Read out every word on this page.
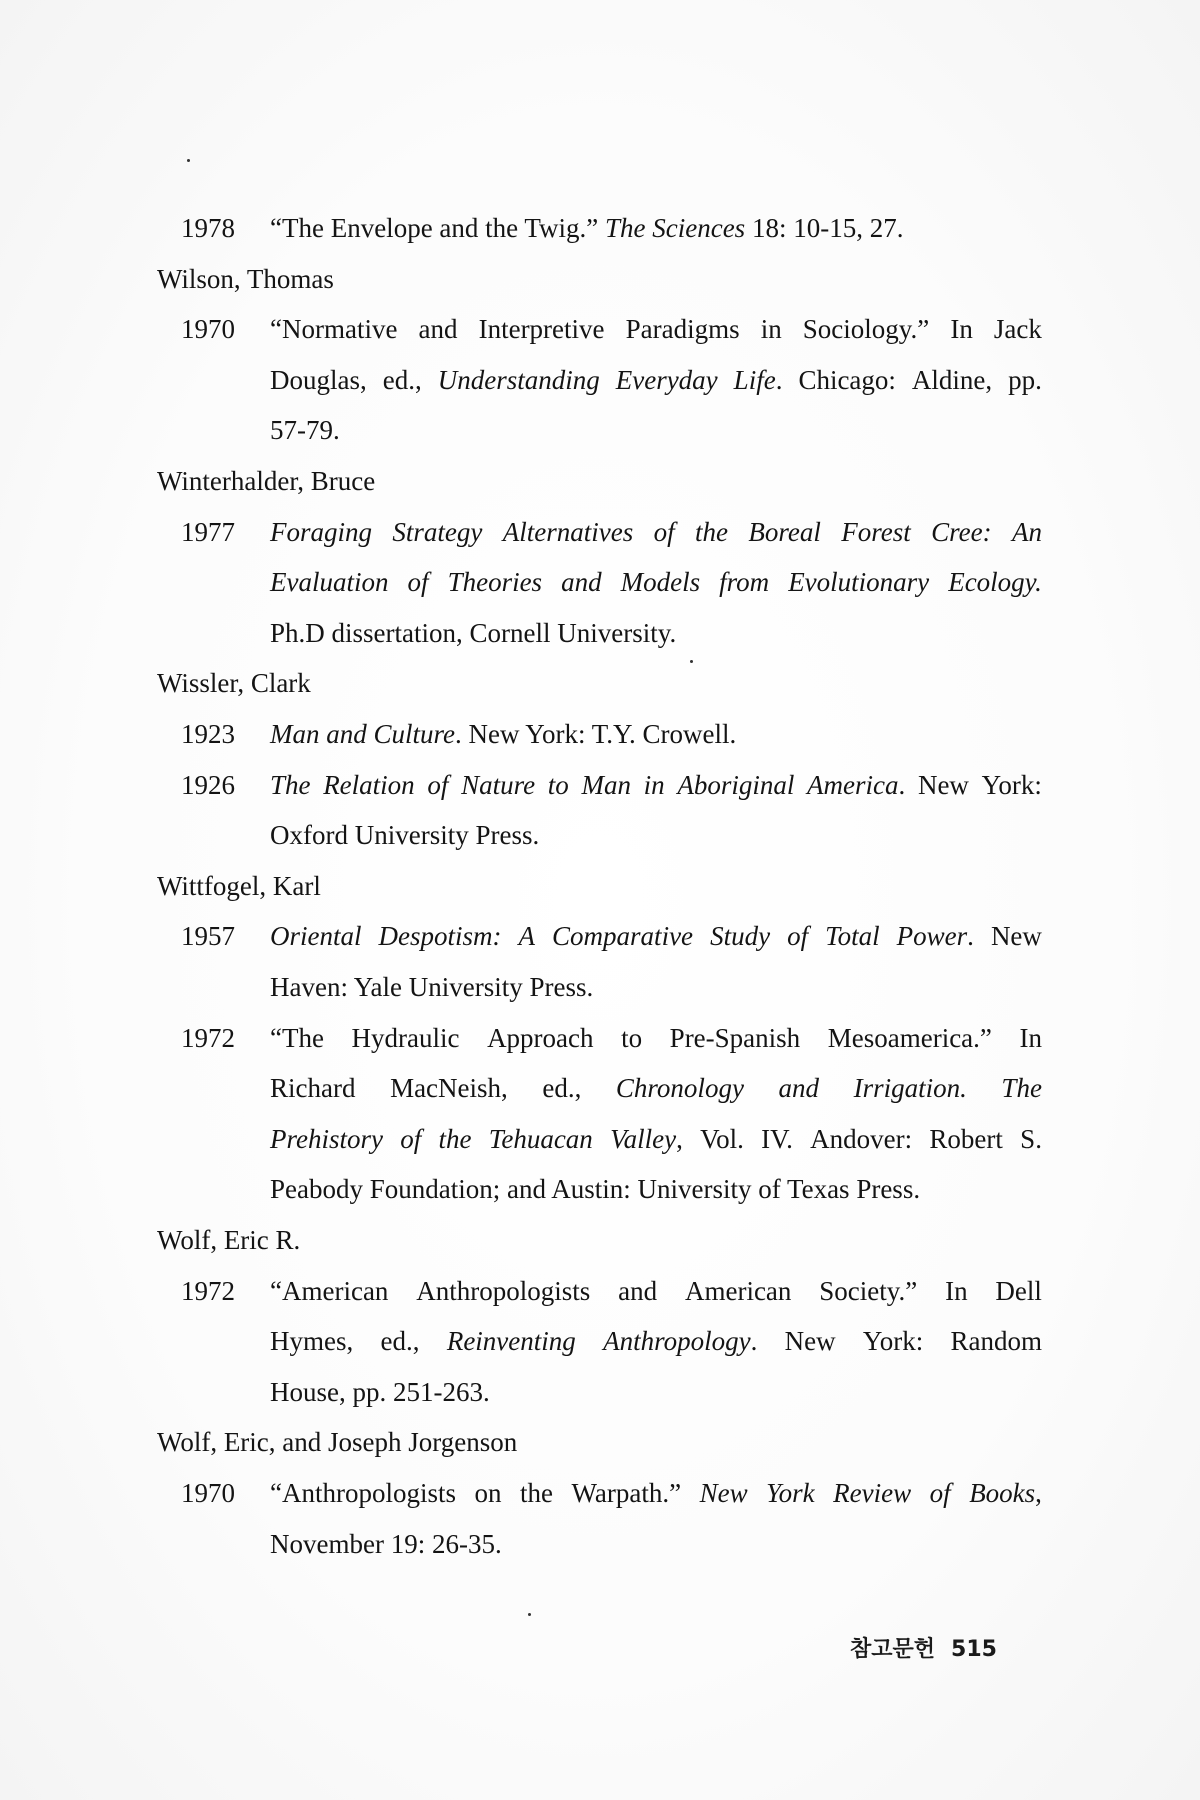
1978	“The Envelope and the Twig.” The Sciences 18: 10-15, 27.
Wilson, Thomas
1970	“Normative and Interpretive Paradigms in Sociology.” In Jack
Douglas, ed., Understanding Everyday Life. Chicago: Aldine, pp.
57-79.
Winterhalder, Bruce
1977	Foraging Strategy Alternatives of the Boreal Forest Cree: An
Evaluation of Theories and Models from Evolutionary Ecology.
Ph.D dissertation, Cornell University.
Wissler, Clark
1923	Man and Culture . New York: T.Y. Crowell.
1926	The Relation of Nature to Man in Aboriginal America. New York:
Oxford University Press.
Wittfogel, Karl
1957	Oriental Despotism: A Comparative Study of Total Power. New
Haven: Yale University Press.
1972	“The Hydraulic Approach to Pre-Spanish Mesoamerica.” In
Richard MacNeish, ed., Chronology and Irrigation. The
Prehistory of the Tehuacan Valley, Vol. IV. Andover: Robert S.
Peabody Foundation; and Austin: University of Texas Press.
Wolf, Eric R.
1972	“American Anthropologists and American Society.” In Dell
Hymes, ed., Reinventing Anthropology. New York: Random
House, pp. 251-263.
Wolf, Eric, and Joseph Jorgenson
1970	“Anthropologists on the Warpath.” New York Review of Books,
November 19: 26-35.
참고문헌 515
